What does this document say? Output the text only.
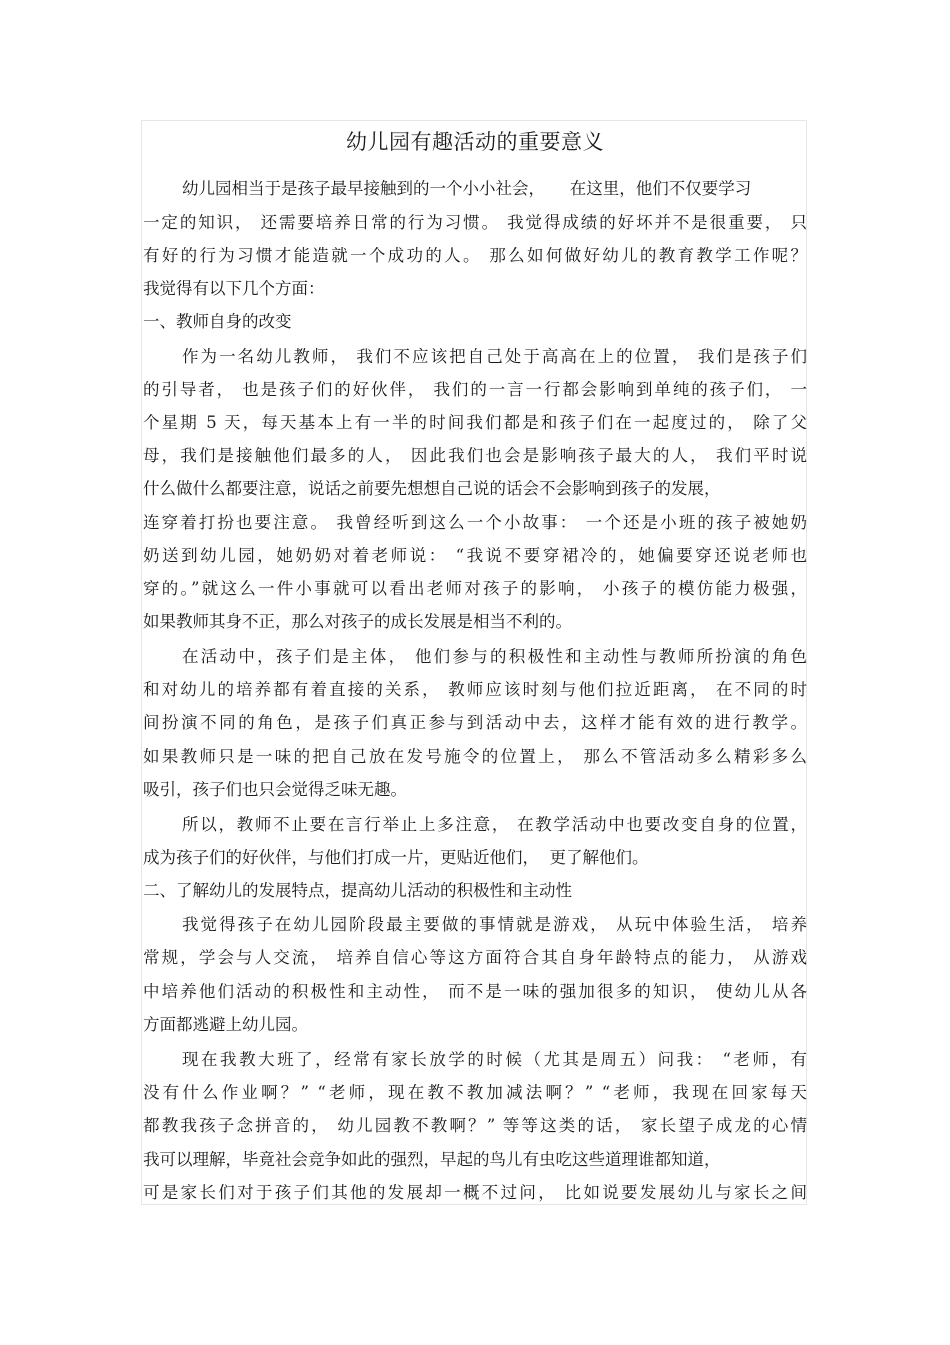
幼儿园有趣活动的重要意义
幼儿园相当于是孩子最早接触到的一个小小社会，　　在这里，他们不仅要学习
一定的知识， 还需要培养日常的行为习惯。 我觉得成绩的好坏并不是很重要， 只
有好的行为习惯才能造就一个成功的人。 那么如何做好幼儿的教育教学工作呢？
我觉得有以下几个方面：
一、教师自身的改变
作为一名幼儿教师， 我们不应该把自己处于高高在上的位置， 我们是孩子们
的引导者， 也是孩子们的好伙伴， 我们的一言一行都会影响到单纯的孩子们， 一
个星期 5 天，每天基本上有一半的时间我们都是和孩子们在一起度过的， 除了父
母，我们是接触他们最多的人， 因此我们也会是影响孩子最大的人， 我们平时说
什么做什么都要注意，说话之前要先想想自己说的话会不会影响到孩子的发展，
连穿着打扮也要注意。 我曾经听到这么一个小故事： 一个还是小班的孩子被她奶
奶送到幼儿园，她奶奶对着老师说： “我说不要穿裙冷的，她偏要穿还说老师也
穿的。”就这么一件小事就可以看出老师对孩子的影响， 小孩子的模仿能力极强，
如果教师其身不正，那么对孩子的成长发展是相当不利的。
在活动中，孩子们是主体， 他们参与的积极性和主动性与教师所扮演的角色
和对幼儿的培养都有着直接的关系， 教师应该时刻与他们拉近距离， 在不同的时
间扮演不同的角色，是孩子们真正参与到活动中去，这样才能有效的进行教学。
如果教师只是一味的把自己放在发号施令的位置上， 那么不管活动多么精彩多么
吸引，孩子们也只会觉得乏味无趣。
所以，教师不止要在言行举止上多注意， 在教学活动中也要改变自身的位置，
成为孩子们的好伙伴，与他们打成一片，更贴近他们，  更了解他们。
二、了解幼儿的发展特点，提高幼儿活动的积极性和主动性
我觉得孩子在幼儿园阶段最主要做的事情就是游戏， 从玩中体验生活， 培养
常规，学会与人交流， 培养自信心等这方面符合其自身年龄特点的能力， 从游戏
中培养他们活动的积极性和主动性， 而不是一味的强加很多的知识， 使幼儿从各
方面都逃避上幼儿园。
现在我教大班了，经常有家长放学的时候（尤其是周五）问我： “老师，有
没有什么作业啊？” “老师，现在教不教加减法啊？” “老师，我现在回家每天
都教我孩子念拼音的， 幼儿园教不教啊？” 等等这类的话， 家长望子成龙的心情
我可以理解，毕竟社会竞争如此的强烈，早起的鸟儿有虫吃这些道理谁都知道，
可是家长们对于孩子们其他的发展却一概不过问， 比如说要发展幼儿与家长之间
